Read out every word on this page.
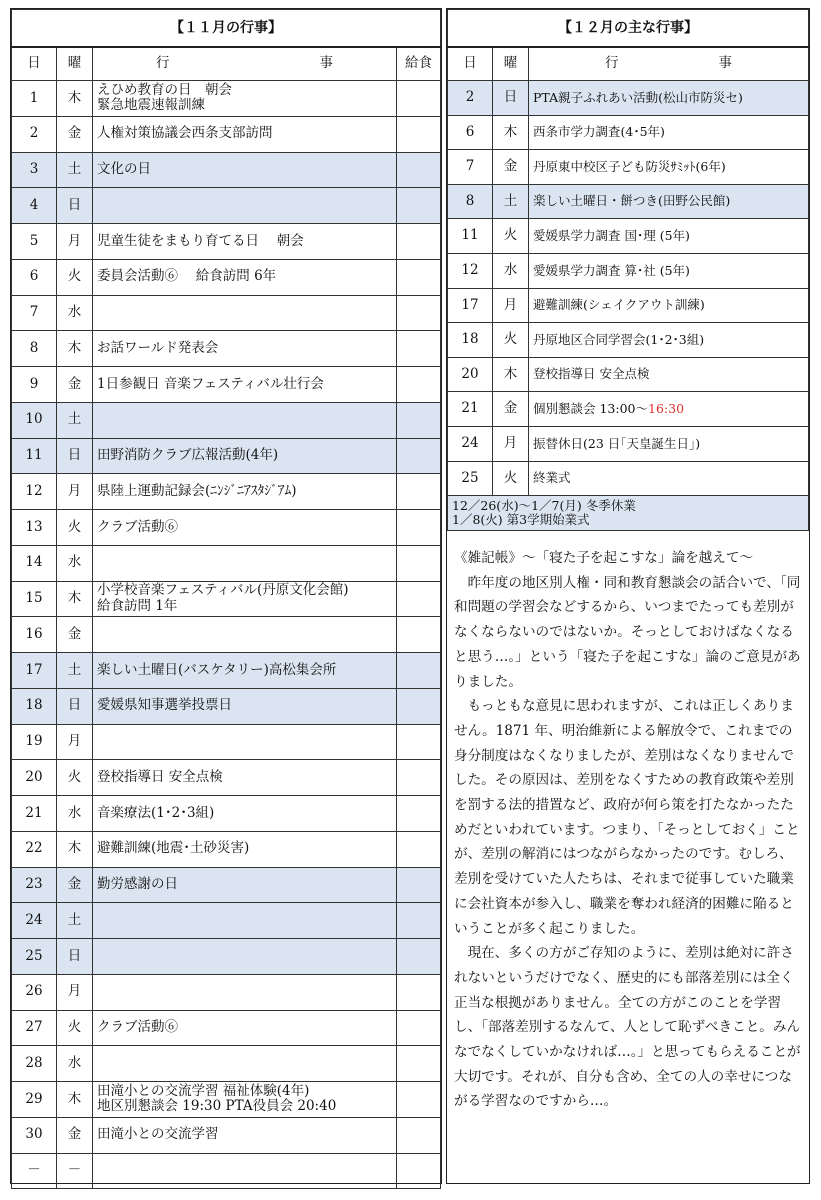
【１１月の行事】			
日	曜	行 事	給食
1	木	えひめ教育の日　朝会
緊急地震速報訓練	
2	金	人権対策協議会西条支部訪問	
3	土	文化の日	
4	日		
5	月	児童生徒をまもり育てる日　 朝会	
6	火	委員会活動⑥　 給食訪問 6年	
7	水		
8	木	お話ワールド発表会	
9	金	1日参観日 音楽フェスティバル壮行会	
10	土		
11	日	田野消防クラブ広報活動(4年)	
12	月	県陸上運動記録会(ﾆﾝｼﾞﾆｱｽﾀｼﾞｱﾑ)	
13	火	クラブ活動⑥	
14	水		
15	木	小学校音楽フェスティバル(丹原文化会館)
給食訪問 1年	
16	金		
17	土	楽しい土曜日(バスケタリー)高松集会所	
18	日	愛媛県知事選挙投票日	
19	月		
20	火	登校指導日 安全点検	
21	水	音楽療法(1･2･3組)	
22	木	避難訓練(地震･土砂災害)	
23	金	勤労感謝の日	
24	土		
25	日		
26	月		
27	火	クラブ活動⑥	
28	水		
29	木	田滝小との交流学習 福祉体験(4年)
地区別懇談会 19:30 PTA役員会 20:40	
30	金	田滝小との交流学習	
－	－		
【１２月の主な行事】		
日	曜	行 事
2	日	PTA親子ふれあい活動(松山市防災セ)
6	木	西条市学力調査(4･5年)
7	金	丹原東中校区子ども防災ｻﾐｯﾄ(6年)
8	土	楽しい土曜日・餅つき(田野公民館)
11	火	愛媛県学力調査 国･理 (5年)
12	水	愛媛県学力調査 算･社 (5年)
17	月	避難訓練(シェイクアウト訓練)
18	火	丹原地区合同学習会(1･2･3組)
20	木	登校指導日 安全点検
21	金	個別懇談会 13:00～16:30
24	月	振替休日(23 日｢天皇誕生日｣)
25	火	終業式
12／26(水)～1／7(月) 冬季休業
1／8(火) 第3学期始業式		

《雑記帳》～「寝た子を起こすな」論を越えて～

昨年度の地区別人権・同和教育懇談会の話合いで、「同和問題の学習会などするから、いつまでたっても差別がなくならないのではないか。そっとしておけばなくなると思う…。」という「寝た子を起こすな」論のご意見がありました。

もっともな意見に思われますが、これは正しくありません。1871 年、明治維新による解放令で、これまでの身分制度はなくなりましたが、差別はなくなりませんでした。その原因は、差別をなくすための教育政策や差別を罰する法的措置など、政府が何ら策を打たなかったためだといわれています。つまり、「そっとしておく」ことが、差別の解消にはつながらなかったのです。むしろ、差別を受けていた人たちは、それまで従事していた職業に会社資本が参入し、職業を奪われ経済的困難に陥るということが多く起こりました。

現在、多くの方がご存知のように、差別は絶対に許されないというだけでなく、歴史的にも部落差別には全く正当な根拠がありません。全ての方がこのことを学習し、「部落差別するなんて、人として恥ずべきこと。みんなでなくしていかなければ…。」と思ってもらえることが大切です。それが、自分も含め、全ての人の幸せにつながる学習なのですから…。
